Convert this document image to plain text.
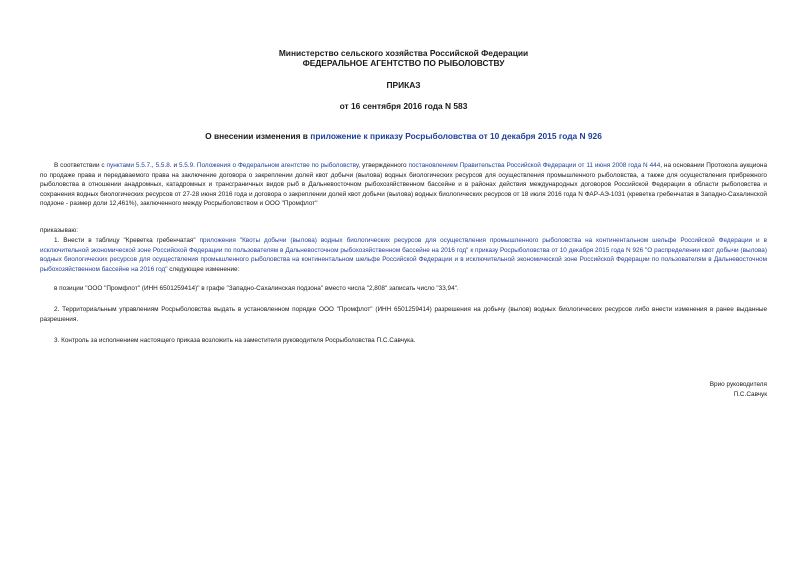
Министерство сельского хозяйства Российской Федерации
ФЕДЕРАЛЬНОЕ АГЕНТСТВО ПО РЫБОЛОВСТВУ
ПРИКАЗ
от 16 сентября 2016 года N 583
О внесении изменения в приложение к приказу Росрыболовства от 10 декабря 2015 года N 926

В соответствии с пунктами 5.5.7., 5.5.8. и 5.5.9. Положения о Федеральном агентстве по рыболовству, утвержденного постановлением Правительства Российской Федерации от 11 июня 2008 года N 444, на основании Протокола аукциона по продаже права и передаваемого права на заключение договора о закреплении долей квот добычи (вылова) водных биологических ресурсов для осуществления промышленного рыболовства, а также для осуществления прибрежного рыболовства в отношении анадромных, катадромных и трансграничных видов рыб в Дальневосточном рыбохозяйственном бассейне и в районах действия международных договоров Российской Федерации в области рыболовства и сохранения водных биологических ресурсов от 27-28 июня 2016 года и договора о закреплении долей квот добычи (вылова) водных биологических ресурсов от 18 июля 2016 года N ФАР-АЭ-1031 (креветка гребенчатая в Западно-Сахалинской подзоне - размер доли 12,461%), заключенного между Росрыболовством и ООО "Промфлот"

приказываю:

1. Внести в таблицу "Креветка гребенчатая" приложения "Квоты добычи (вылова) водных биологических ресурсов для осуществления промышленного рыболовства на континентальном шельфе Российской Федерации и в исключительной экономической зоне Российской Федерации по пользователям в Дальневосточном рыбохозяйственном бассейне на 2016 год" к приказу Росрыболовства от 10 декабря 2015 года N 926 "О распределении квот добычи (вылова) водных биологических ресурсов для осуществления промышленного рыболовства на континентальном шельфе Российской Федерации и в исключительной экономической зоне Российской Федерации по пользователям в Дальневосточном рыбохозяйственном бассейне на 2016 год" следующее изменение:

в позиции "ООО "Промфлот" (ИНН 6501259414)" в графе "Западно-Сахалинская подзона" вместо числа "2,808" записать число "33,94".

2. Территориальным управлениям Росрыболовства выдать в установленном порядке ООО "Промфлот" (ИНН 6501259414) разрешения на добычу (вылов) водных биологических ресурсов либо внести изменения в ранее выданные разрешения.

3. Контроль за исполнением настоящего приказа возложить на заместителя руководителя Росрыболовства П.С.Савчука.

Врио руководителя
П.С.Савчук
